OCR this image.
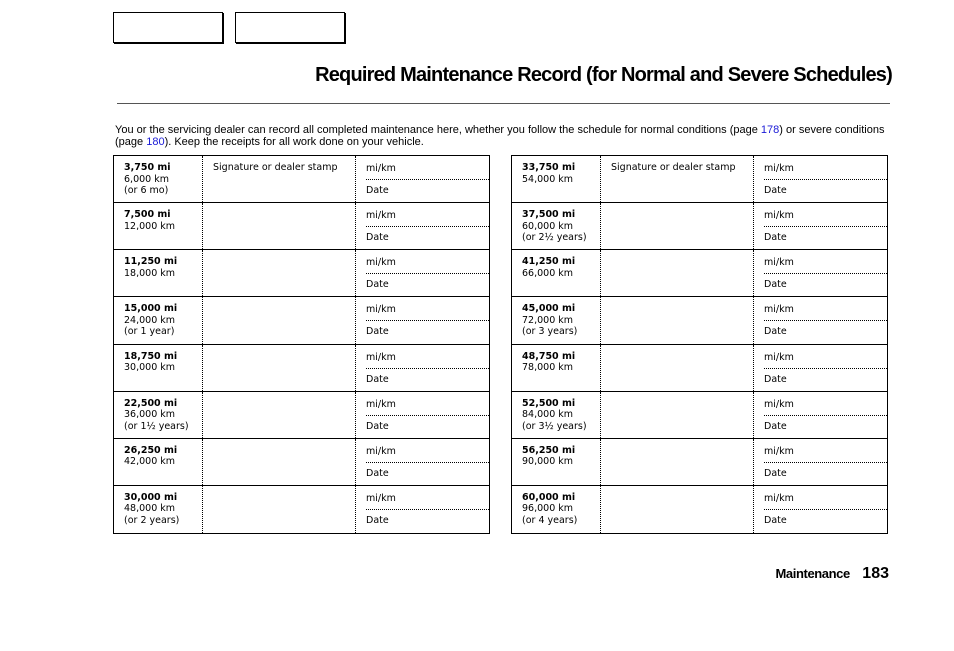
Required Maintenance Record (for Normal and Severe Schedules)
You or the servicing dealer can record all completed maintenance here, whether you follow the schedule for normal conditions (page 178) or severe conditions (page 180). Keep the receipts for all work done on your vehicle.
3,750 mi
6,000 km
(or 6 mo)
Signature or dealer stamp	mi/km
Date
7,500 mi
12,000 km
mi/km
Date
11,250 mi
18,000 km
mi/km
Date
15,000 mi
24,000 km
(or 1 year)
mi/km
Date
18,750 mi
30,000 km
mi/km
Date
22,500 mi
36,000 km
(or 1½ years)
mi/km
Date
26,250 mi
42,000 km
mi/km
Date
30,000 mi
48,000 km
(or 2 years)
mi/km
Date
33,750 mi
54,000 km
Signature or dealer stamp	mi/km
Date
37,500 mi
60,000 km
(or 2½ years)
mi/km
Date
41,250 mi
66,000 km
mi/km
Date
45,000 mi
72,000 km
(or 3 years)
mi/km
Date
48,750 mi
78,000 km
mi/km
Date
52,500 mi
84,000 km
(or 3½ years)
mi/km
Date
56,250 mi
90,000 km
mi/km
Date
60,000 mi
96,000 km
(or 4 years)
mi/km
Date
Maintenance 183
